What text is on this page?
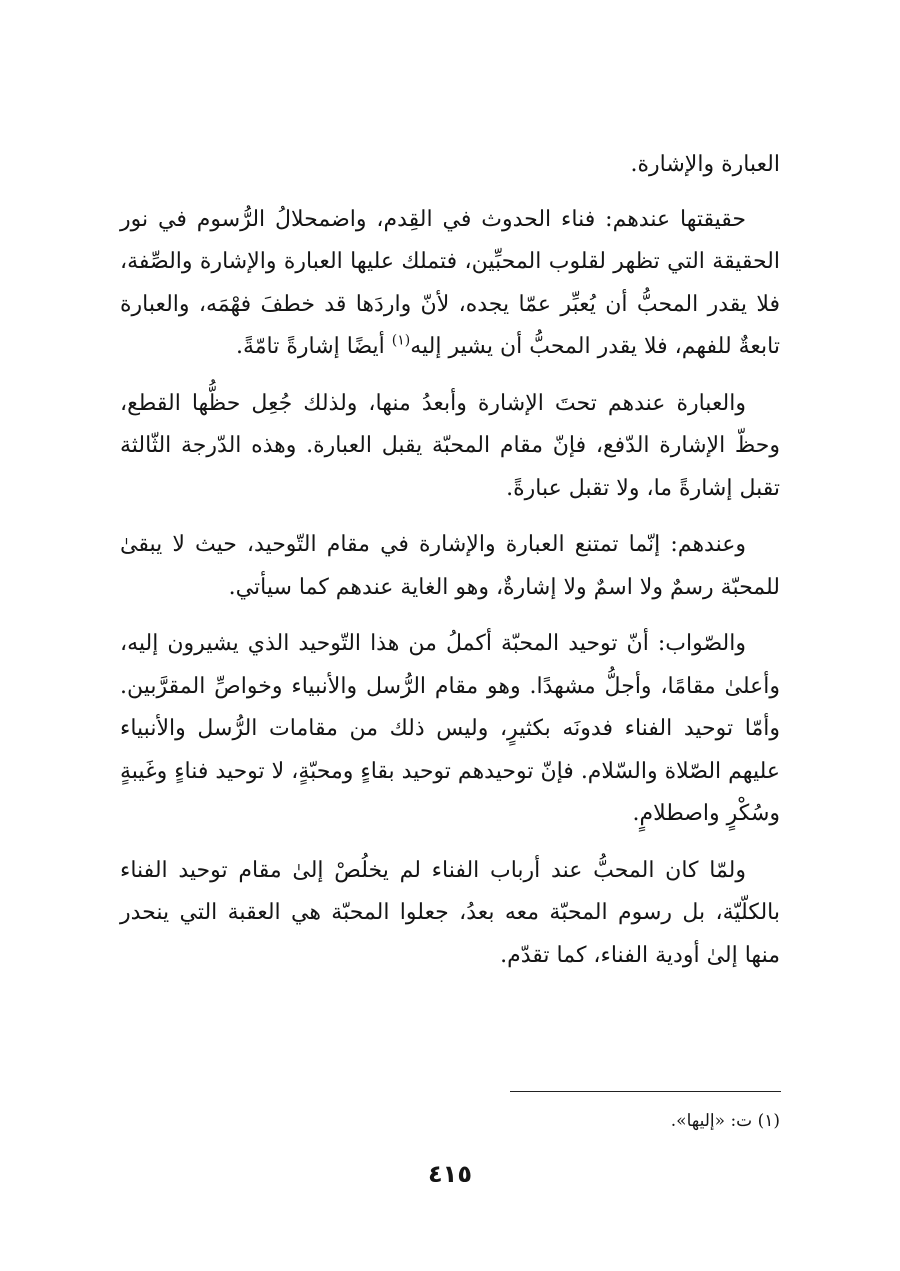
العبارة والإشارة.

حقيقتها عندهم: فناء الحدوث في القِدم، واضمحلالُ الرُّسوم في نور الحقيقة التي تظهر لقلوب المحبِّين، فتملك عليها العبارة والإشارة والصِّفة، فلا يقدر المحبُّ أن يُعبِّر عمّا يجده، لأنّ واردَها قد خطفَ فهْمَه، والعبارة تابعةٌ للفهم، فلا يقدر المحبُّ أن يشير إليه$^{(١)}$ أيضًا إشارةً تامّةً.

والعبارة عندهم تحتَ الإشارة وأبعدُ منها، ولذلك جُعِل حظُّها القطع، وحظّ الإشارة الدّفع، فإنّ مقام المحبّة يقبل العبارة. وهذه الدّرجة الثّالثة تقبل إشارةً ما، ولا تقبل عبارةً.

وعندهم: إنّما تمتنع العبارة والإشارة في مقام التّوحيد، حيث لا يبقىٰ للمحبّة رسمٌ ولا اسمٌ ولا إشارةٌ، وهو الغاية عندهم كما سيأتي.

والصّواب: أنّ توحيد المحبّة أكملُ من هذا التّوحيد الذي يشيرون إليه، وأعلىٰ مقامًا، وأجلُّ مشهدًا. وهو مقام الرُّسل والأنبياء وخواصِّ المقرَّبين. وأمّا توحيد الفناء فدونَه بكثيرٍ، وليس ذلك من مقامات الرُّسل والأنبياء عليهم الصّلاة والسّلام. فإنّ توحيدهم توحيد بقاءٍ ومحبّةٍ، لا توحيد فناءٍ وغَيبةٍ وسُكْرٍ واصطلامٍ.

ولمّا كان المحبُّ عند أرباب الفناء لم يخلُصْ إلىٰ مقام توحيد الفناء بالكلّيّة، بل رسوم المحبّة معه بعدُ، جعلوا المحبّة هي العقبة التي ينحدر منها إلىٰ أودية الفناء، كما تقدّم.

(١) ت: «إليها».
٤١٥
